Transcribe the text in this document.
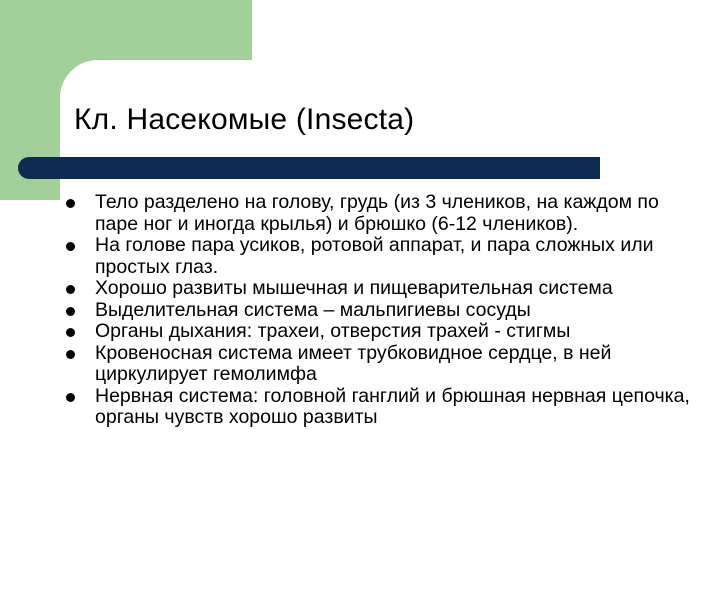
Кл. Насекомые (Insecta)
Тело разделено на голову, грудь (из 3 члеников, на каждом по паре ног и иногда крылья) и брюшко (6-12 члеников).
На голове пара усиков, ротовой аппарат, и пара сложных или простых глаз.
Хорошо развиты мышечная и пищеварительная система
Выделительная система – мальпигиевы сосуды
Органы дыхания: трахеи, отверстия трахей - стигмы
Кровеносная система имеет трубковидное сердце, в ней циркулирует гемолимфа
Нервная система: головной ганглий и брюшная нервная цепочка, органы чувств хорошо развиты
